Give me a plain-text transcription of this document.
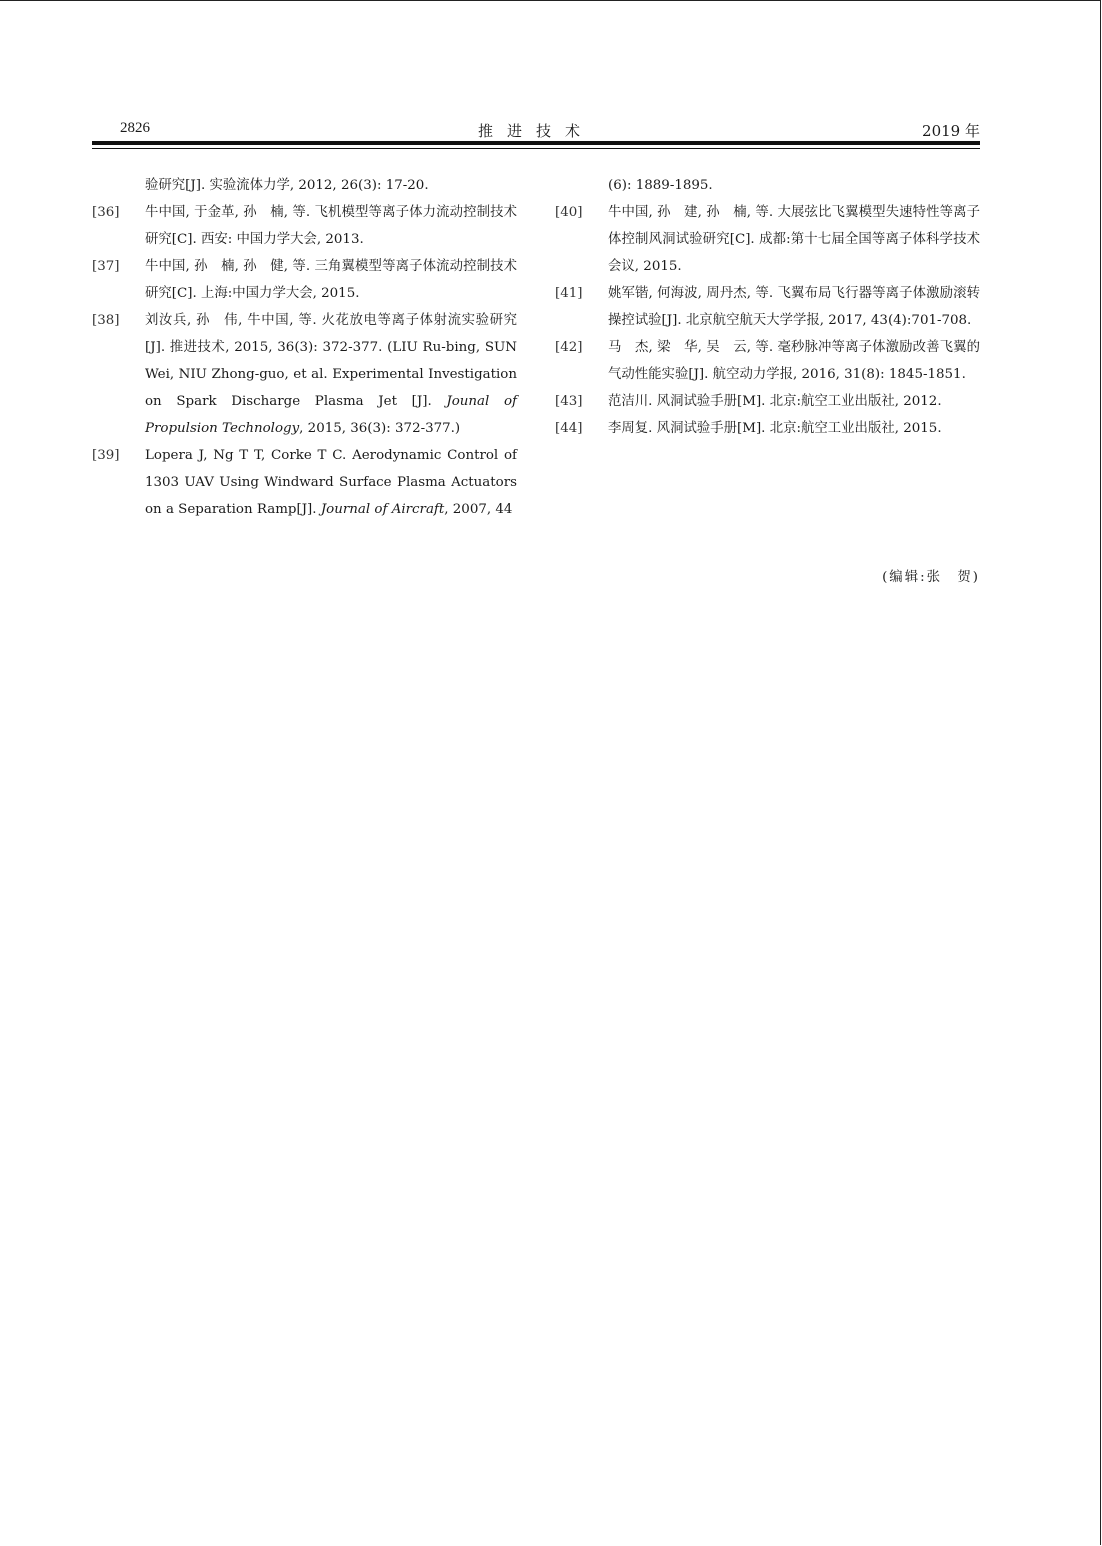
2826	推进技术	2019 年
验研究[J]. 实验流体力学, 2012, 26(3): 17-20.
[36]	牛中国, 于金革, 孙　楠, 等. 飞机模型等离子体力流动控制技术研究[C]. 西安: 中国力学大会, 2013.
[37]	牛中国, 孙　楠, 孙　健, 等. 三角翼模型等离子体流动控制技术研究[C]. 上海:中国力学大会, 2015.
[38]	刘汝兵, 孙　伟, 牛中国, 等. 火花放电等离子体射流实验研究[J]. 推进技术, 2015, 36(3): 372-377. (LIU Ru-bing, SUN Wei, NIU Zhong-guo, et al. Experimental Investigation on Spark Discharge Plasma Jet [J]. Jounal of Propulsion Technology, 2015, 36(3): 372-377.)
[39]	Lopera J, Ng T T, Corke T C. Aerodynamic Control of 1303 UAV Using Windward Surface Plasma Actuators on a Separation Ramp[J]. Journal of Aircraft, 2007, 44
(6): 1889-1895.
[40]	牛中国, 孙　建, 孙　楠, 等. 大展弦比飞翼模型失速特性等离子体控制风洞试验研究[C]. 成都:第十七届全国等离子体科学技术会议, 2015.
[41]	姚军锴, 何海波, 周丹杰, 等. 飞翼布局飞行器等离子体激励滚转操控试验[J]. 北京航空航天大学学报, 2017, 43(4):701-708.
[42]	马　杰, 梁　华, 吴　云, 等. 毫秒脉冲等离子体激励改善飞翼的气动性能实验[J]. 航空动力学报, 2016, 31(8): 1845-1851.
[43]	范洁川. 风洞试验手册[M]. 北京:航空工业出版社, 2012.
[44]	李周复. 风洞试验手册[M]. 北京:航空工业出版社, 2015.
(编辑:张　贺)
